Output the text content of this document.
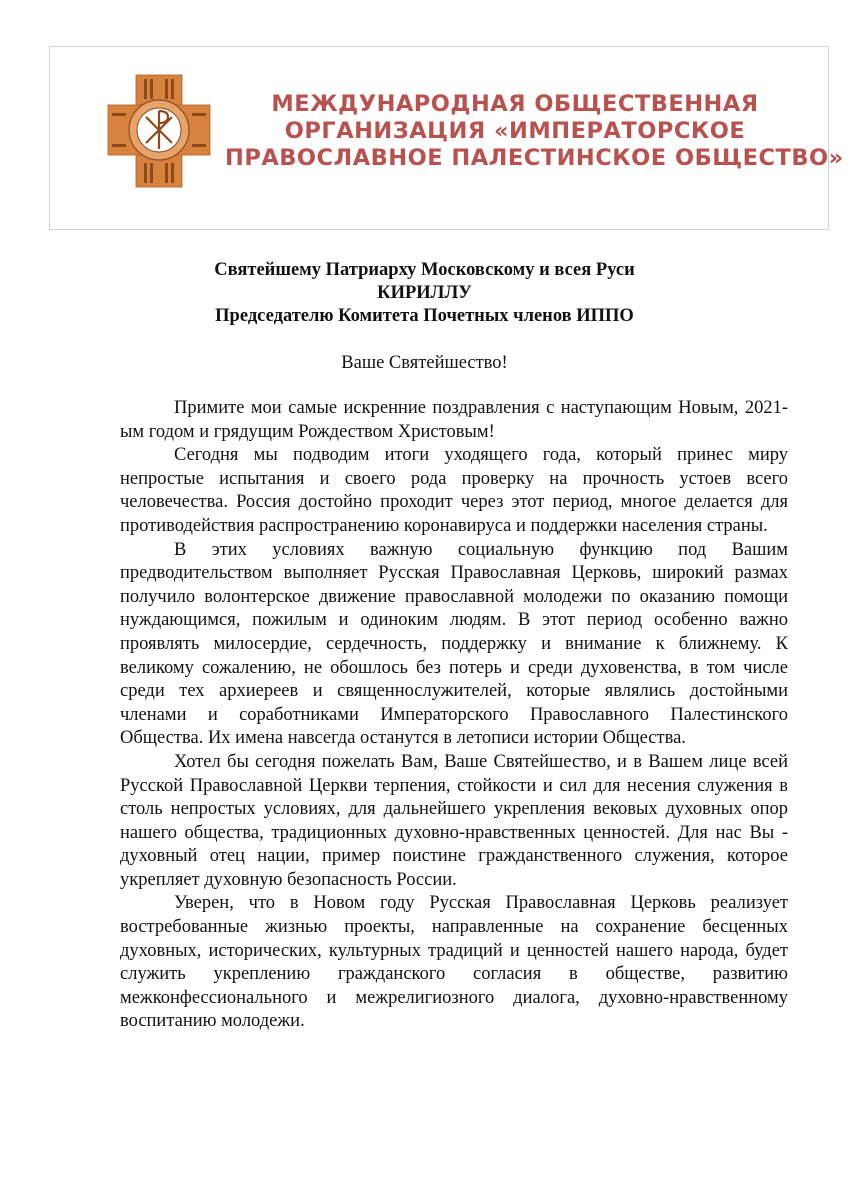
МЕЖДУНАРОДНАЯ ОБЩЕСТВЕННАЯ
ОРГАНИЗАЦИЯ «ИМПЕРАТОРСКОЕ
ПРАВОСЛАВНОЕ ПАЛЕСТИНСКОЕ ОБЩЕСТВО»
Святейшему Патриарху Московскому и всея Руси
КИРИЛЛУ
Председателю Комитета Почетных членов ИППО
Ваше Святейшество!

Примите мои самые искренние поздравления с наступающим Новым, 2021-ым годом и грядущим Рождеством Христовым!

Сегодня мы подводим итоги уходящего года, который принес миру непростые испытания и своего рода проверку на прочность устоев всего человечества. Россия достойно проходит через этот период, многое делается для противодействия распространению коронавируса и поддержки населения страны.

В этих условиях важную социальную функцию под Вашим предводительством выполняет Русская Православная Церковь, широкий размах получило волонтерское движение православной молодежи по оказанию помощи нуждающимся, пожилым и одиноким людям. В этот период особенно важно проявлять милосердие, сердечность, поддержку и внимание к ближнему. К великому сожалению, не обошлось без потерь и среди духовенства, в том числе среди тех архиереев и священнослужителей, которые являлись достойными членами и соработниками Императорского Православного Палестинского Общества. Их имена навсегда останутся в летописи истории Общества.

Хотел бы сегодня пожелать Вам, Ваше Святейшество, и в Вашем лице всей Русской Православной Церкви терпения, стойкости и сил для несения служения в столь непростых условиях, для дальнейшего укрепления вековых духовных опор нашего общества, традиционных духовно-нравственных ценностей. Для нас Вы - духовный отец нации, пример поистине гражданственного служения, которое укрепляет духовную безопасность России.

Уверен, что в Новом году Русская Православная Церковь реализует востребованные жизнью проекты, направленные на сохранение бесценных духовных, исторических, культурных традиций и ценностей нашего народа, будет служить укреплению гражданского согласия в обществе, развитию межконфессионального и межрелигиозного диалога, духовно-нравственному воспитанию молодежи.
